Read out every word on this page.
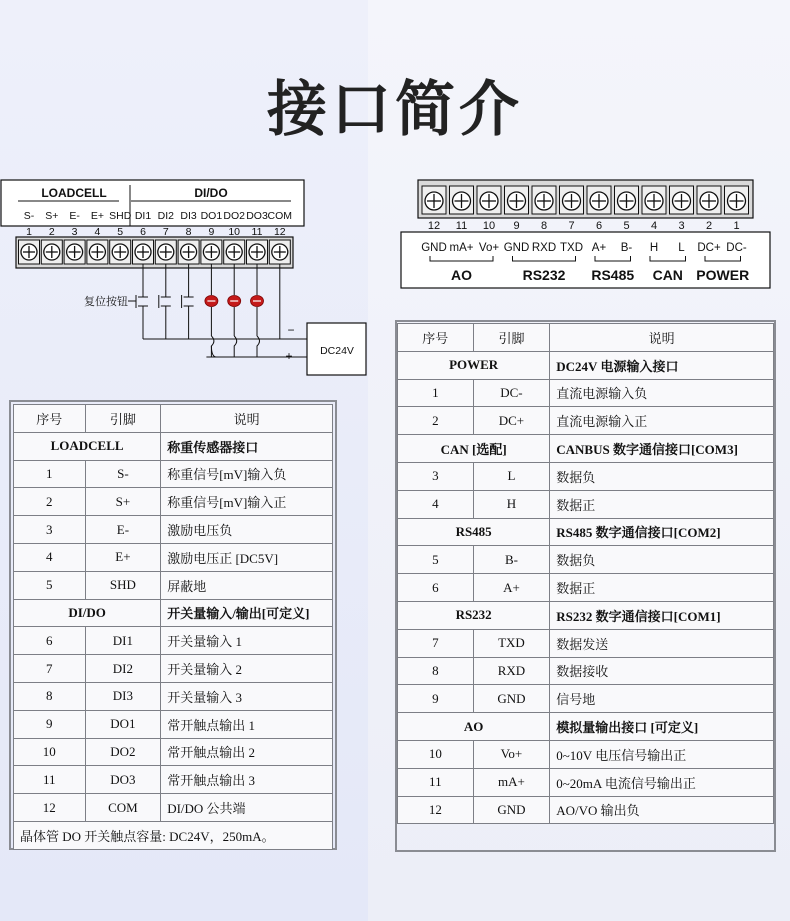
接口简介
LOADCELL	DI/DO
S- S+ E- E+ SHD DI1 DI2 DI3 DO1 DO2 DO3 COM
1 2 3 4 5 6 7 8 9 10 11 12
复位按钮
DC24V
−
+
12 11 10 9 8 7 6 5 4 3 2 1
GND mA+ Vo+ GND RXD TXD A+ B- H L DC+ DC-
AO	RS232 RS485 CAN POWER
序号	引脚	说明
LOADCELL		称重传感器接口
1	S-	称重信号[mV]输入负
2	S+	称重信号[mV]输入正
3	E-	激励电压负
4	E+	激励电压正 [DC5V]
5	SHD	屏蔽地
DI/DO		开关量输入/输出[可定义]
6	DI1	开关量输入 1
7	DI2	开关量输入 2
8	DI3	开关量输入 3
9	DO1	常开触点输出 1
10	DO2	常开触点输出 2
11	DO3	常开触点输出 3
12	COM	DI/DO 公共端
晶体管 DO 开关触点容量: DC24V，250mA。		
序号	引脚	说明
POWER		DC24V 电源输入接口
1	DC-	直流电源输入负
2	DC+	直流电源输入正
CAN [选配]		CANBUS 数字通信接口[COM3]
3	L	数据负
4	H	数据正
RS485		RS485 数字通信接口[COM2]
5	B-	数据负
6	A+	数据正
RS232		RS232 数字通信接口[COM1]
7	TXD	数据发送
8	RXD	数据接收
9	GND	信号地
AO		模拟量输出接口 [可定义]
10	Vo+	0~10V 电压信号输出正
11	mA+	0~20mA 电流信号输出正
12	GND	AO/VO 输出负
